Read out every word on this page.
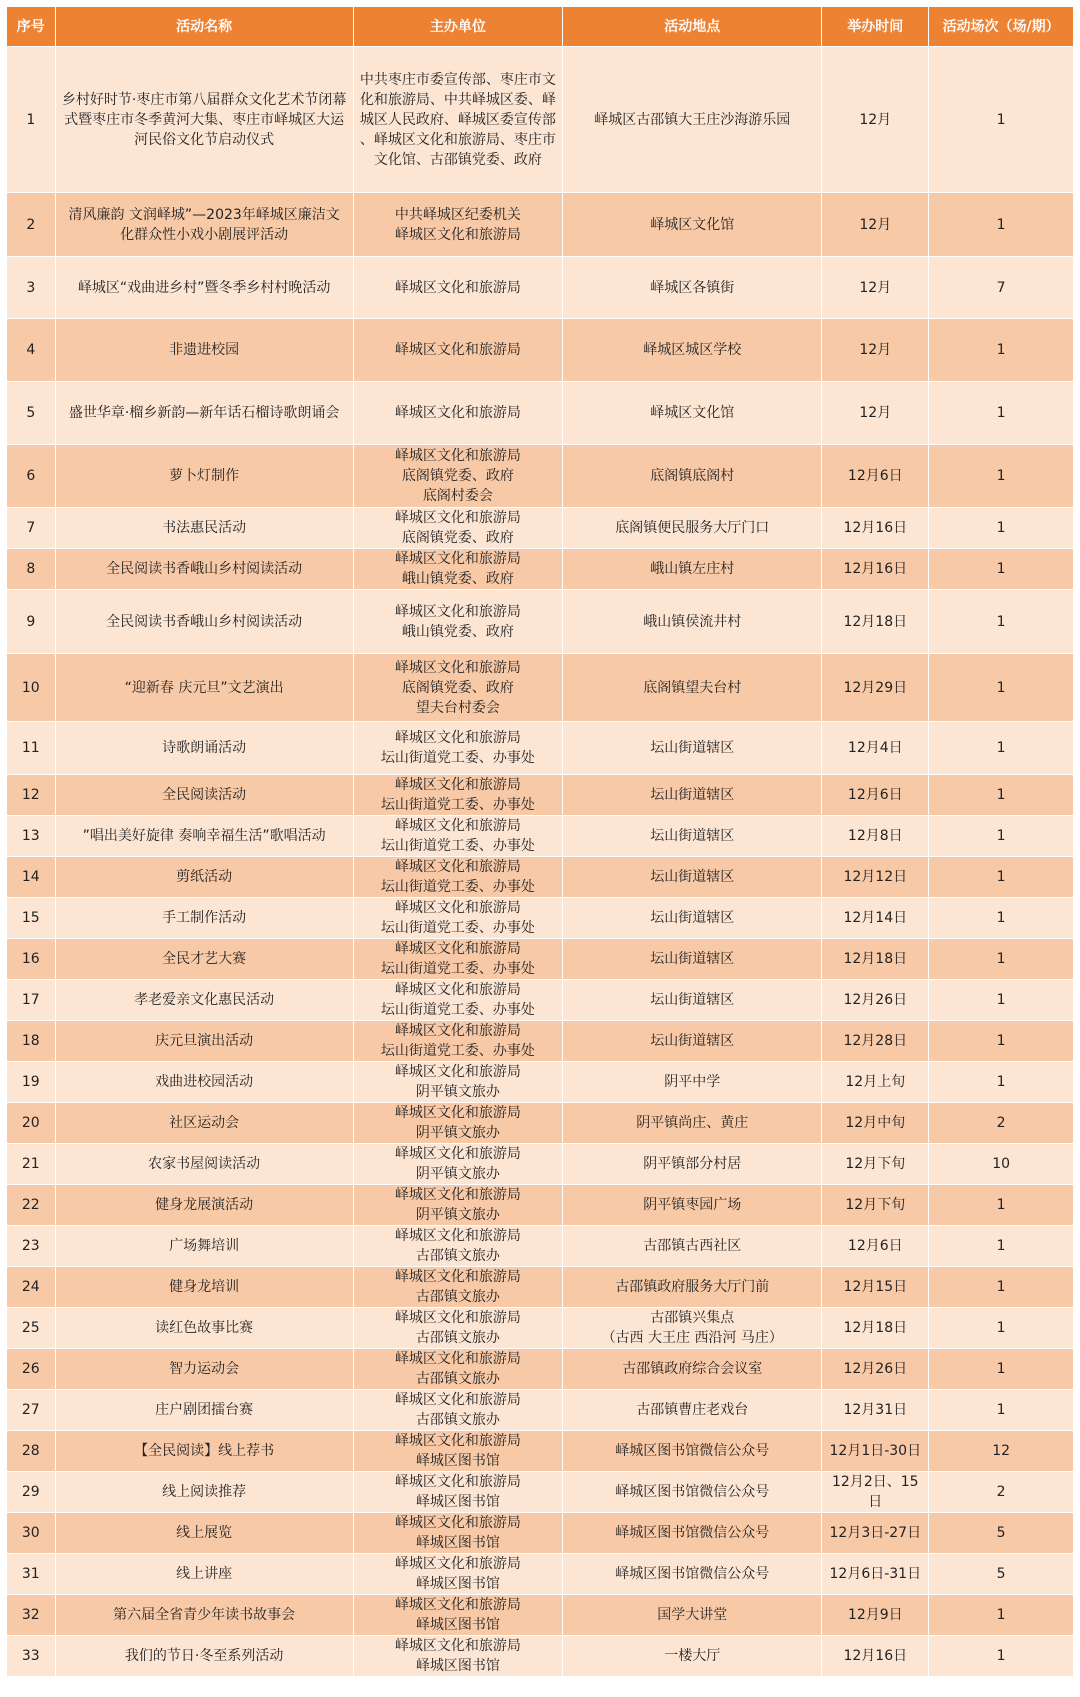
序号	活动名称	主办单位	活动地点	举办时间	活动场次（场/期）
1	乡村好时节·枣庄市第八届群众文化艺术节闭幕
式暨枣庄市冬季黄河大集、枣庄市峄城区大运
河民俗文化节启动仪式	中共枣庄市委宣传部、枣庄市文
化和旅游局、中共峄城区委、峄
城区人民政府、峄城区委宣传部
、峄城区文化和旅游局、枣庄市
文化馆、古邵镇党委、政府	峄城区古邵镇大王庄沙海游乐园	12月	1
2	清风廉韵 文润峄城”—2023年峄城区廉洁文
化群众性小戏小剧展评活动	中共峄城区纪委机关
峄城区文化和旅游局	峄城区文化馆	12月	1
3	峄城区“戏曲进乡村”暨冬季乡村村晚活动	峄城区文化和旅游局	峄城区各镇街	12月	7
4	非遗进校园	峄城区文化和旅游局	峄城区城区学校	12月	1
5	盛世华章·榴乡新韵—新年话石榴诗歌朗诵会	峄城区文化和旅游局	峄城区文化馆	12月	1
6	萝卜灯制作	峄城区文化和旅游局
底阁镇党委、政府
底阁村委会	底阁镇底阁村	12月6日	1
7	书法惠民活动	峄城区文化和旅游局
底阁镇党委、政府	底阁镇便民服务大厅门口	12月16日	1
8	全民阅读书香峨山乡村阅读活动	峄城区文化和旅游局
峨山镇党委、政府	峨山镇左庄村	12月16日	1
9	全民阅读书香峨山乡村阅读活动	峄城区文化和旅游局
峨山镇党委、政府	峨山镇侯流井村	12月18日	1
10	“迎新春 庆元旦”文艺演出	峄城区文化和旅游局
底阁镇党委、政府
望夫台村委会	底阁镇望夫台村	12月29日	1
11	诗歌朗诵活动	峄城区文化和旅游局
坛山街道党工委、办事处	坛山街道辖区	12月4日	1
12	全民阅读活动	峄城区文化和旅游局
坛山街道党工委、办事处	坛山街道辖区	12月6日	1
13	”唱出美好旋律 奏响幸福生活”歌唱活动	峄城区文化和旅游局
坛山街道党工委、办事处	坛山街道辖区	12月8日	1
14	剪纸活动	峄城区文化和旅游局
坛山街道党工委、办事处	坛山街道辖区	12月12日	1
15	手工制作活动	峄城区文化和旅游局
坛山街道党工委、办事处	坛山街道辖区	12月14日	1
16	全民才艺大赛	峄城区文化和旅游局
坛山街道党工委、办事处	坛山街道辖区	12月18日	1
17	孝老爱亲文化惠民活动	峄城区文化和旅游局
坛山街道党工委、办事处	坛山街道辖区	12月26日	1
18	庆元旦演出活动	峄城区文化和旅游局
坛山街道党工委、办事处	坛山街道辖区	12月28日	1
19	戏曲进校园活动	峄城区文化和旅游局
阴平镇文旅办	阴平中学	12月上旬	1
20	社区运动会	峄城区文化和旅游局
阴平镇文旅办	阴平镇尚庄、黄庄	12月中旬	2
21	农家书屋阅读活动	峄城区文化和旅游局
阴平镇文旅办	阴平镇部分村居	12月下旬	10
22	健身龙展演活动	峄城区文化和旅游局
阴平镇文旅办	阴平镇枣园广场	12月下旬	1
23	广场舞培训	峄城区文化和旅游局
古邵镇文旅办	古邵镇古西社区	12月6日	1
24	健身龙培训	峄城区文化和旅游局
古邵镇文旅办	古邵镇政府服务大厅门前	12月15日	1
25	读红色故事比赛	峄城区文化和旅游局
古邵镇文旅办	古邵镇兴集点
（古西 大王庄 西沿河 马庄）	12月18日	1
26	智力运动会	峄城区文化和旅游局
古邵镇文旅办	古邵镇政府综合会议室	12月26日	1
27	庄户剧团擂台赛	峄城区文化和旅游局
古邵镇文旅办	古邵镇曹庄老戏台	12月31日	1
28	【全民阅读】线上荐书	峄城区文化和旅游局
峄城区图书馆	峄城区图书馆微信公众号	12月1日-30日	12
29	线上阅读推荐	峄城区文化和旅游局
峄城区图书馆	峄城区图书馆微信公众号	12月2日、15日	2
30	线上展览	峄城区文化和旅游局
峄城区图书馆	峄城区图书馆微信公众号	12月3日-27日	5
31	线上讲座	峄城区文化和旅游局
峄城区图书馆	峄城区图书馆微信公众号	12月6日-31日	5
32	第六届全省青少年读书故事会	峄城区文化和旅游局
峄城区图书馆	国学大讲堂	12月9日	1
33	我们的节日·冬至系列活动	峄城区文化和旅游局
峄城区图书馆	一楼大厅	12月16日	1
